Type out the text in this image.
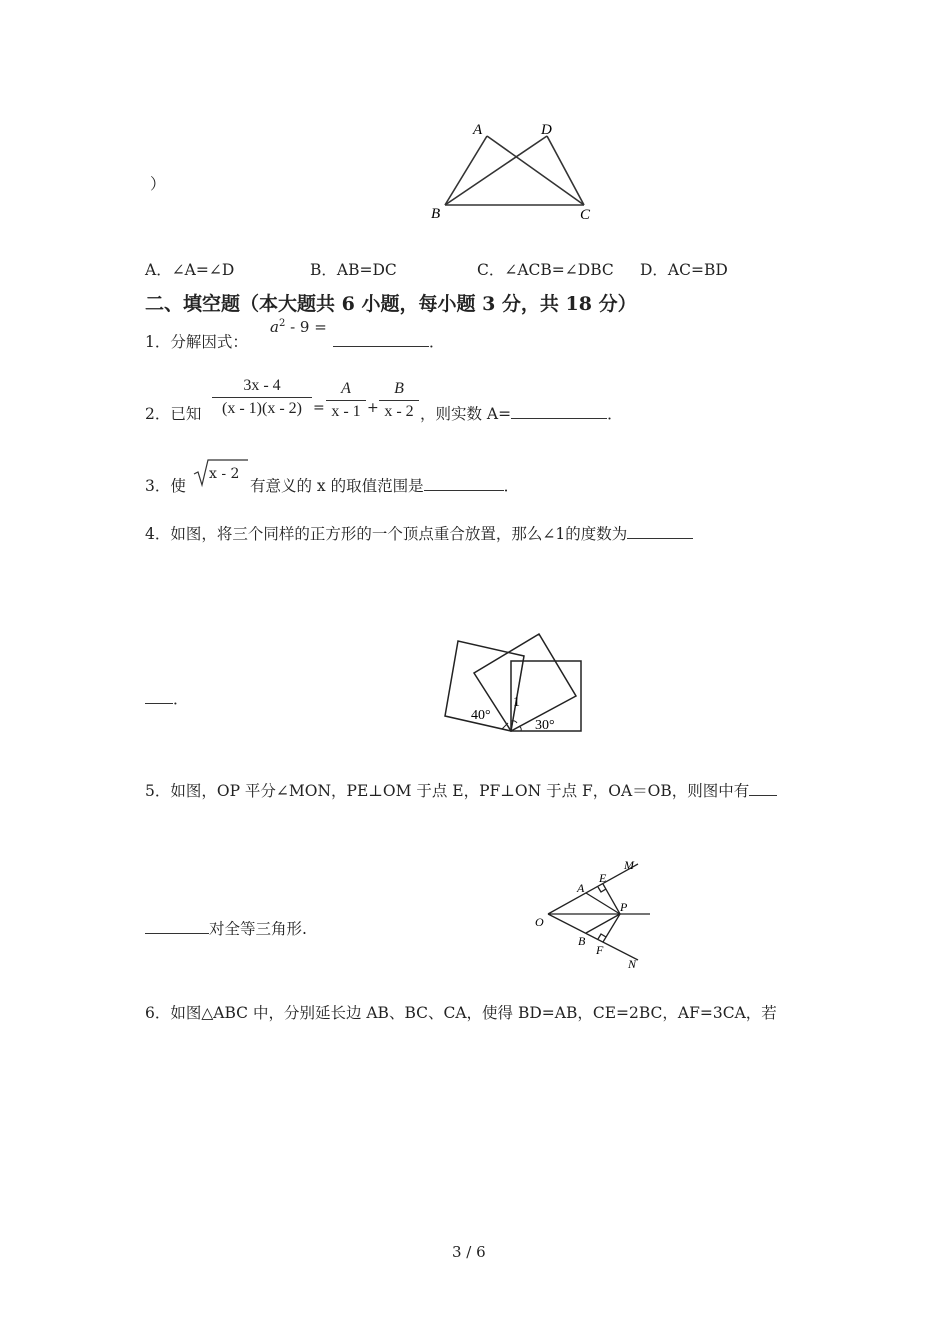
A	D
B	C
）
A．∠A=∠D	B．AB=DC	C．∠ACB=∠DBC D．AC=BD
二、填空题（本大题共 6 小题，每小题 3 分，共 18 分）
1．分解因式：
$a^2 - 9$ =
．
2．已知
3x - 4
(x - 1)(x - 2) =
A
x - 1 +
B
x - 2 ，则实数 A=	．
3．使
x - 2
有意义的 x 的取值范围是	．
4．如图，将三个同样的正方形的一个顶点重合放置，那么∠1的度数为
．
40°
30°
1
5．如图，OP 平分∠MON，PE⊥OM 于点 E，PF⊥ON 于点 F，OA＝OB，则图中有
对全等三角形.	O
A
E
M
P
B
F
N
6．如图△ABC 中，分别延长边 AB、BC、CA，使得 BD=AB，CE=2BC，AF=3CA，若
3 / 6
